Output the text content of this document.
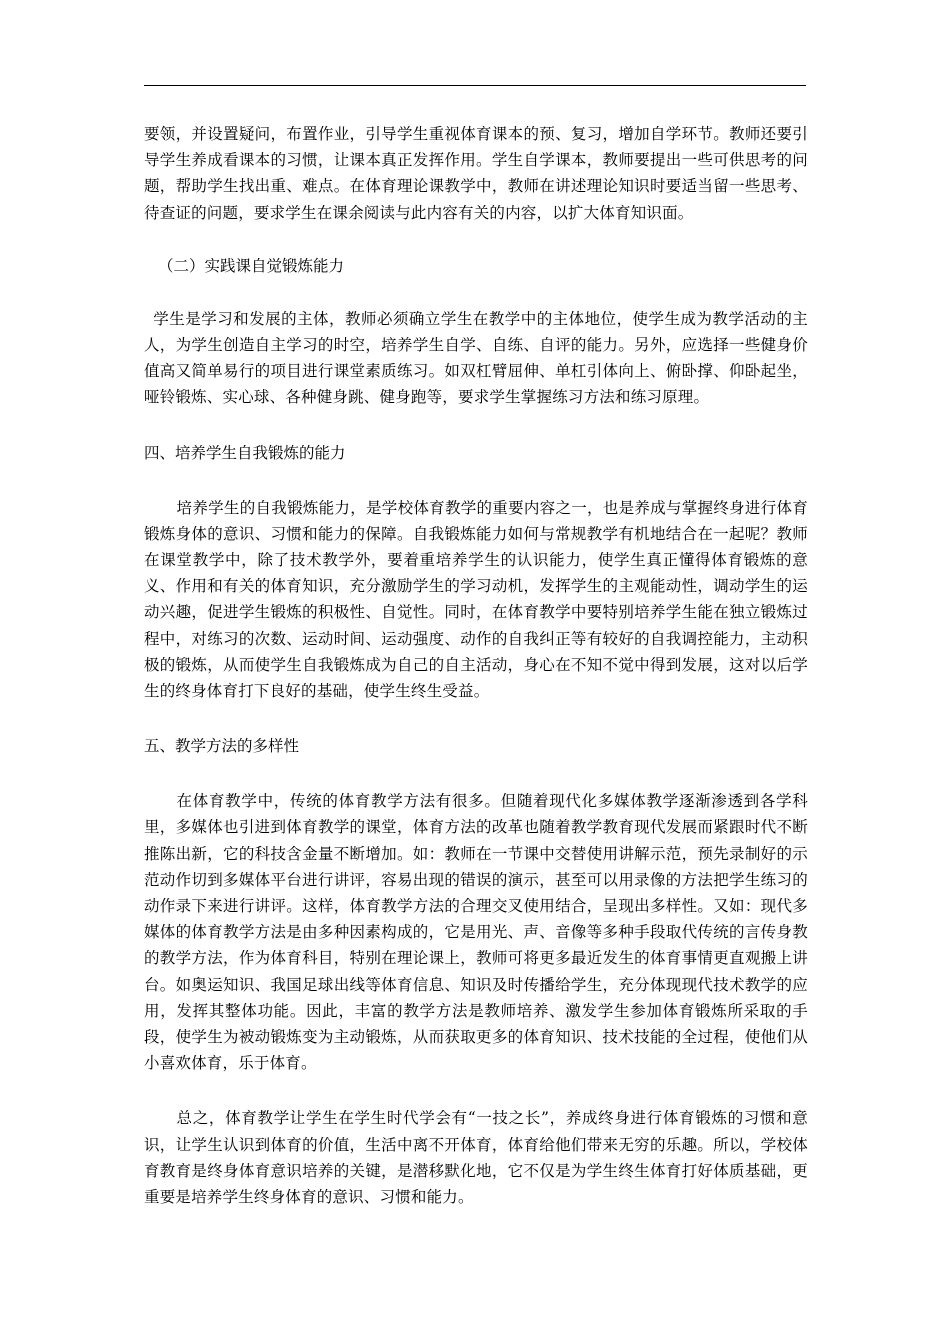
要领，并设置疑问，布置作业，引导学生重视体育课本的预、复习，增加自学环节。教师还要引导学生养成看课本的习惯，让课本真正发挥作用。学生自学课本，教师要提出一些可供思考的问题，帮助学生找出重、难点。在体育理论课教学中，教师在讲述理论知识时要适当留一些思考、待查证的问题，要求学生在课余阅读与此内容有关的内容，以扩大体育知识面。

（二）实践课自觉锻炼能力

学生是学习和发展的主体，教师必须确立学生在教学中的主体地位，使学生成为教学活动的主人，为学生创造自主学习的时空，培养学生自学、自练、自评的能力。另外，应选择一些健身价值高又简单易行的项目进行课堂素质练习。如双杠臂屈伸、单杠引体向上、俯卧撑、仰卧起坐，哑铃锻炼、实心球、各种健身跳、健身跑等，要求学生掌握练习方法和练习原理。

四、培养学生自我锻炼的能力

培养学生的自我锻炼能力，是学校体育教学的重要内容之一，也是养成与掌握终身进行体育锻炼身体的意识、习惯和能力的保障。自我锻炼能力如何与常规教学有机地结合在一起呢？教师在课堂教学中，除了技术教学外，要着重培养学生的认识能力，使学生真正懂得体育锻炼的意义、作用和有关的体育知识，充分激励学生的学习动机，发挥学生的主观能动性，调动学生的运动兴趣，促进学生锻炼的积极性、自觉性。同时，在体育教学中要特别培养学生能在独立锻炼过程中，对练习的次数、运动时间、运动强度、动作的自我纠正等有较好的自我调控能力，主动积极的锻炼，从而使学生自我锻炼成为自己的自主活动，身心在不知不觉中得到发展，这对以后学生的终身体育打下良好的基础，使学生终生受益。

五、教学方法的多样性

在体育教学中，传统的体育教学方法有很多。但随着现代化多媒体教学逐渐渗透到各学科里，多媒体也引进到体育教学的课堂，体育方法的改革也随着教学教育现代发展而紧跟时代不断推陈出新，它的科技含金量不断增加。如：教师在一节课中交替使用讲解示范，预先录制好的示范动作切到多媒体平台进行讲评，容易出现的错误的演示，甚至可以用录像的方法把学生练习的动作录下来进行讲评。这样，体育教学方法的合理交叉使用结合，呈现出多样性。又如：现代多媒体的体育教学方法是由多种因素构成的，它是用光、声、音像等多种手段取代传统的言传身教的教学方法，作为体育科目，特别在理论课上，教师可将更多最近发生的体育事情更直观搬上讲台。如奥运知识、我国足球出线等体育信息、知识及时传播给学生，充分体现现代技术教学的应用，发挥其整体功能。因此，丰富的教学方法是教师培养、激发学生参加体育锻炼所采取的手段，使学生为被动锻炼变为主动锻炼，从而获取更多的体育知识、技术技能的全过程，使他们从小喜欢体育，乐于体育。

总之，体育教学让学生在学生时代学会有“一技之长”，养成终身进行体育锻炼的习惯和意识，让学生认识到体育的价值，生活中离不开体育，体育给他们带来无穷的乐趣。所以，学校体育教育是终身体育意识培养的关键，是潜移默化地，它不仅是为学生终生体育打好体质基础，更重要是培养学生终身体育的意识、习惯和能力。
